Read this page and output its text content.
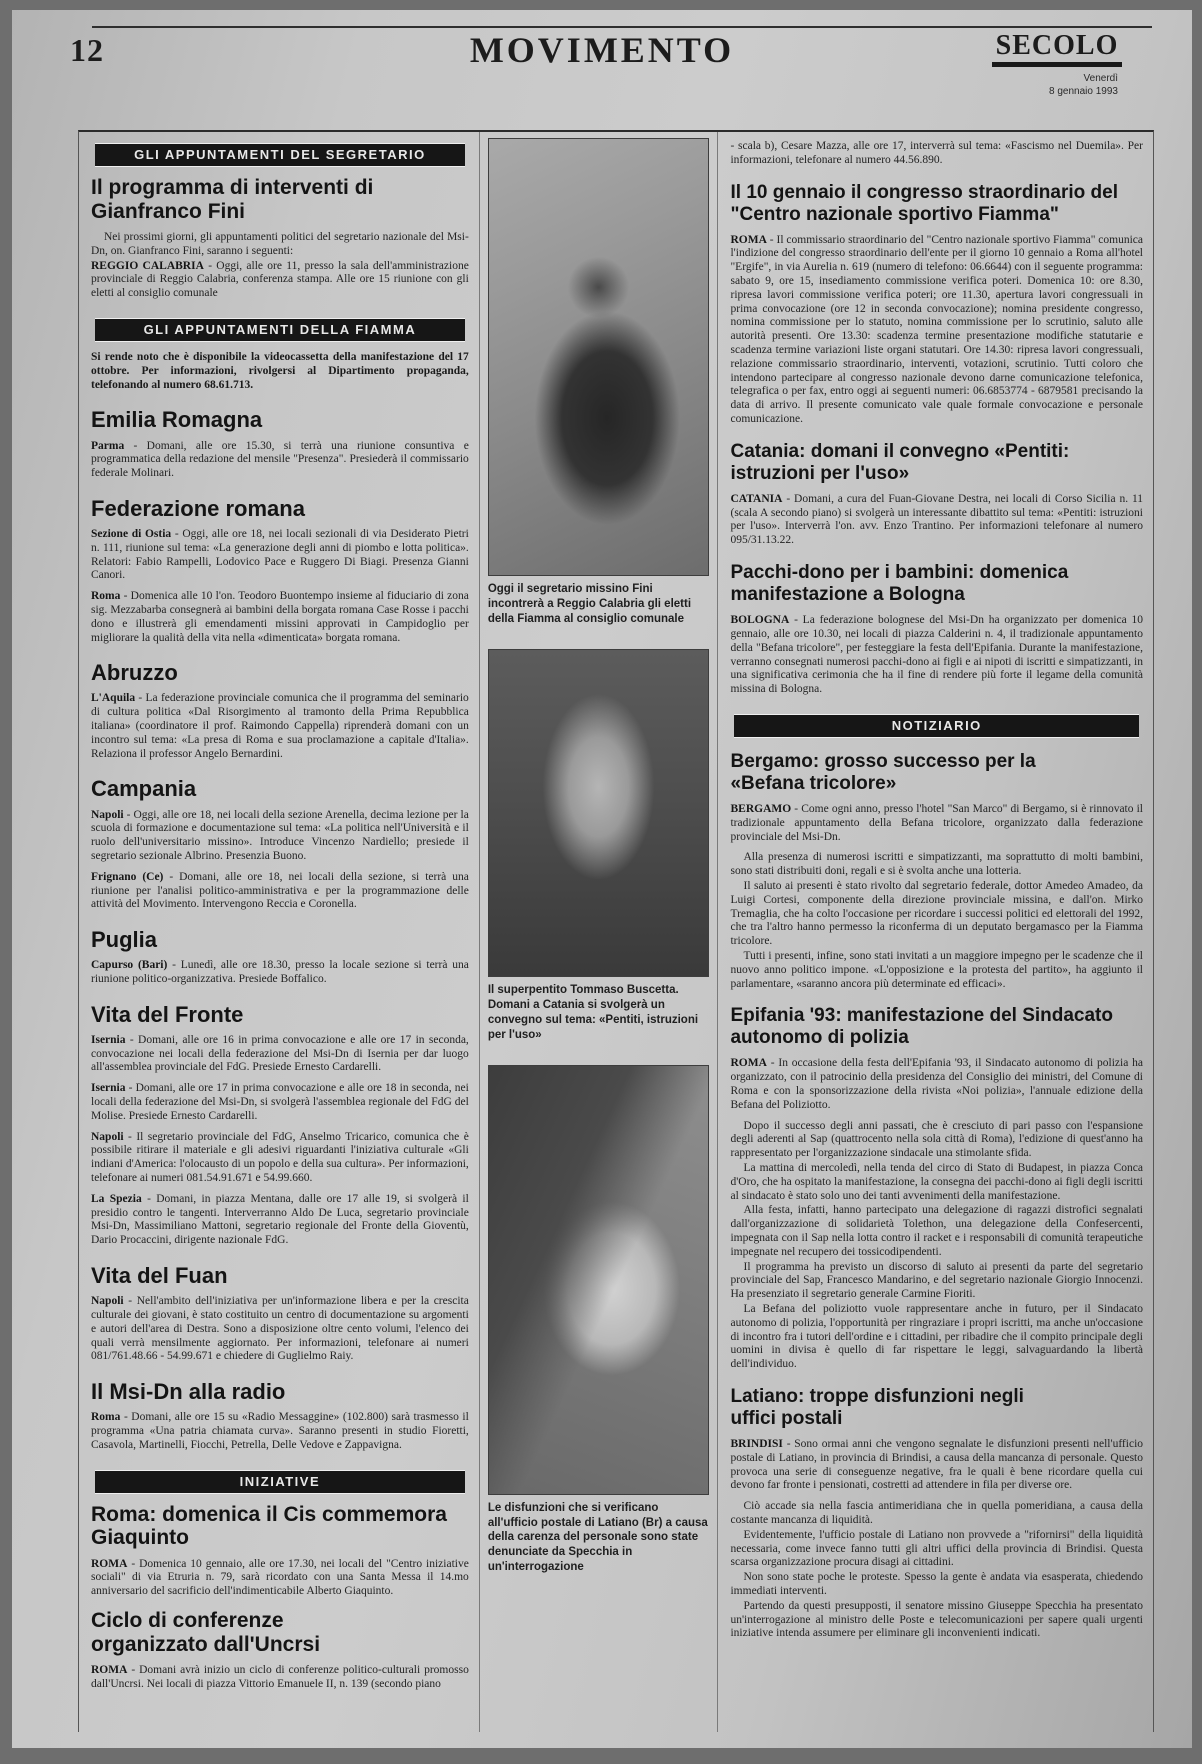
12	MOVIMENTO	SECOLO
Venerdì
8 gennaio 1993
GLI APPUNTAMENTI DEL SEGRETARIO
Il programma di interventi di Gianfranco Fini

Nei prossimi giorni, gli appuntamenti politici del segretario nazionale del Msi-Dn, on. Gianfranco Fini, saranno i seguenti:

REGGIO CALABRIA - Oggi, alle ore 11, presso la sala dell'amministrazione provinciale di Reggio Calabria, conferenza stampa. Alle ore 15 riunione con gli eletti al consiglio comunale

GLI APPUNTAMENTI DELLA FIAMMA

Si rende noto che è disponibile la videocassetta della manifestazione del 17 ottobre. Per informazioni, rivolgersi al Dipartimento propaganda, telefonando al numero 68.61.713.

Emilia Romagna

Parma - Domani, alle ore 15.30, si terrà una riunione consuntiva e programmatica della redazione del mensile "Presenza". Presiederà il commissario federale Molinari.

Federazione romana

Sezione di Ostia - Oggi, alle ore 18, nei locali sezionali di via Desiderato Pietri n. 111, riunione sul tema: «La generazione degli anni di piombo e lotta politica». Relatori: Fabio Rampelli, Lodovico Pace e Ruggero Di Biagi. Presenza Gianni Canori.

Roma - Domenica alle 10 l'on. Teodoro Buontempo insieme al fiduciario di zona sig. Mezzabarba consegnerà ai bambini della borgata romana Case Rosse i pacchi dono e illustrerà gli emendamenti missini approvati in Campidoglio per migliorare la qualità della vita nella «dimenticata» borgata romana.

Abruzzo

L'Aquila - La federazione provinciale comunica che il programma del seminario di cultura politica «Dal Risorgimento al tramonto della Prima Repubblica italiana» (coordinatore il prof. Raimondo Cappella) riprenderà domani con un incontro sul tema: «La presa di Roma e sua proclamazione a capitale d'Italia». Relaziona il professor Angelo Bernardini.

Campania

Napoli - Oggi, alle ore 18, nei locali della sezione Arenella, decima lezione per la scuola di formazione e documentazione sul tema: «La politica nell'Università e il ruolo dell'universitario missino». Introduce Vincenzo Nardiello; presiede il segretario sezionale Albrino. Presenzia Buono.

Frignano (Ce) - Domani, alle ore 18, nei locali della sezione, si terrà una riunione per l'analisi politico-amministrativa e per la programmazione delle attività del Movimento. Intervengono Reccia e Coronella.

Puglia

Capurso (Bari) - Lunedì, alle ore 18.30, presso la locale sezione si terrà una riunione politico-organizzativa. Presiede Boffalico.

Vita del Fronte

Isernia - Domani, alle ore 16 in prima convocazione e alle ore 17 in seconda, convocazione nei locali della federazione del Msi-Dn di Isernia per dar luogo all'assemblea provinciale del FdG. Presiede Ernesto Cardarelli.

Isernia - Domani, alle ore 17 in prima convocazione e alle ore 18 in seconda, nei locali della federazione del Msi-Dn, si svolgerà l'assemblea regionale del FdG del Molise. Presiede Ernesto Cardarelli.

Napoli - Il segretario provinciale del FdG, Anselmo Tricarico, comunica che è possibile ritirare il materiale e gli adesivi riguardanti l'iniziativa culturale «Gli indiani d'America: l'olocausto di un popolo e della sua cultura». Per informazioni, telefonare ai numeri 081.54.91.671 e 54.99.660.

La Spezia - Domani, in piazza Mentana, dalle ore 17 alle 19, si svolgerà il presidio contro le tangenti. Interverranno Aldo De Luca, segretario provinciale Msi-Dn, Massimiliano Mattoni, segretario regionale del Fronte della Gioventù, Dario Procaccini, dirigente nazionale FdG.

Vita del Fuan

Napoli - Nell'ambito dell'iniziativa per un'informazione libera e per la crescita culturale dei giovani, è stato costituito un centro di documentazione su argomenti e autori dell'area di Destra. Sono a disposizione oltre cento volumi, l'elenco dei quali verrà mensilmente aggiornato. Per informazioni, telefonare ai numeri 081/761.48.66 - 54.99.671 e chiedere di Guglielmo Raiy.

Il Msi-Dn alla radio

Roma - Domani, alle ore 15 su «Radio Messaggine» (102.800) sarà trasmesso il programma «Una patria chiamata curva». Saranno presenti in studio Fioretti, Casavola, Martinelli, Fiocchi, Petrella, Delle Vedove e Zappavigna.

INIZIATIVE
Roma: domenica il Cis commemora Giaquinto

ROMA - Domenica 10 gennaio, alle ore 17.30, nei locali del "Centro iniziative sociali" di via Etruria n. 79, sarà ricordato con una Santa Messa il 14.mo anniversario del sacrificio dell'indimenticabile Alberto Giaquinto.

Ciclo di conferenze organizzato dall'Uncrsi

ROMA - Domani avrà inizio un ciclo di conferenze politico-culturali promosso dall'Uncrsi. Nei locali di piazza Vittorio Emanuele II, n. 139 (secondo piano

Oggi il segretario missino Fini incontrerà a Reggio Calabria gli eletti della Fiamma al consiglio comunale
Il superpentito Tommaso Buscetta. Domani a Catania si svolgerà un convegno sul tema: «Pentiti, istruzioni per l'uso»
Le disfunzioni che si verificano all'ufficio postale di Latiano (Br) a causa della carenza del personale sono state denunciate da Specchia in un'interrogazione

- scala b), Cesare Mazza, alle ore 17, interverrà sul tema: «Fascismo nel Duemila». Per informazioni, telefonare al numero 44.56.890.

Il 10 gennaio il congresso straordinario del "Centro nazionale sportivo Fiamma"

ROMA - Il commissario straordinario del "Centro nazionale sportivo Fiamma" comunica l'indizione del congresso straordinario dell'ente per il giorno 10 gennaio a Roma all'hotel "Ergife", in via Aurelia n. 619 (numero di telefono: 06.6644) con il seguente programma: sabato 9, ore 15, insediamento commissione verifica poteri. Domenica 10: ore 8.30, ripresa lavori commissione verifica poteri; ore 11.30, apertura lavori congressuali in prima convocazione (ore 12 in seconda convocazione); nomina presidente congresso, nomina commissione per lo statuto, nomina commissione per lo scrutinio, saluto alle autorità presenti. Ore 13.30: scadenza termine presentazione modifiche statutarie e scadenza termine variazioni liste organi statutari. Ore 14.30: ripresa lavori congressuali, relazione commissario straordinario, interventi, votazioni, scrutinio. Tutti coloro che intendono partecipare al congresso nazionale devono darne comunicazione telefonica, telegrafica o per fax, entro oggi ai seguenti numeri: 06.6853774 - 6879581 precisando la data di arrivo. Il presente comunicato vale quale formale convocazione e personale comunicazione.

Catania: domani il convegno «Pentiti: istruzioni per l'uso»

CATANIA - Domani, a cura del Fuan-Giovane Destra, nei locali di Corso Sicilia n. 11 (scala A secondo piano) si svolgerà un interessante dibattito sul tema: «Pentiti: istruzioni per l'uso». Interverrà l'on. avv. Enzo Trantino. Per informazioni telefonare al numero 095/31.13.22.

Pacchi-dono per i bambini: domenica manifestazione a Bologna

BOLOGNA - La federazione bolognese del Msi-Dn ha organizzato per domenica 10 gennaio, alle ore 10.30, nei locali di piazza Calderini n. 4, il tradizionale appuntamento della "Befana tricolore", per festeggiare la festa dell'Epifania. Durante la manifestazione, verranno consegnati numerosi pacchi-dono ai figli e ai nipoti di iscritti e simpatizzanti, in una significativa cerimonia che ha il fine di rendere più forte il legame della comunità missina di Bologna.

NOTIZIARIO
Bergamo: grosso successo per la «Befana tricolore»

BERGAMO - Come ogni anno, presso l'hotel "San Marco" di Bergamo, si è rinnovato il tradizionale appuntamento della Befana tricolore, organizzato dalla federazione provinciale del Msi-Dn.

Alla presenza di numerosi iscritti e simpatizzanti, ma soprattutto di molti bambini, sono stati distribuiti doni, regali e si è svolta anche una lotteria.

Il saluto ai presenti è stato rivolto dal segretario federale, dottor Amedeo Amadeo, da Luigi Cortesi, componente della direzione provinciale missina, e dall'on. Mirko Tremaglia, che ha colto l'occasione per ricordare i successi politici ed elettorali del 1992, che tra l'altro hanno permesso la riconferma di un deputato bergamasco per la Fiamma tricolore.

Tutti i presenti, infine, sono stati invitati a un maggiore impegno per le scadenze che il nuovo anno politico impone. «L'opposizione e la protesta del partito», ha aggiunto il parlamentare, «saranno ancora più determinate ed efficaci».

Epifania '93: manifestazione del Sindacato autonomo di polizia

ROMA - In occasione della festa dell'Epifania '93, il Sindacato autonomo di polizia ha organizzato, con il patrocinio della presidenza del Consiglio dei ministri, del Comune di Roma e con la sponsorizzazione della rivista «Noi polizia», l'annuale edizione della Befana del Poliziotto.

Dopo il successo degli anni passati, che è cresciuto di pari passo con l'espansione degli aderenti al Sap (quattrocento nella sola città di Roma), l'edizione di quest'anno ha rappresentato per l'organizzazione sindacale una stimolante sfida.

La mattina di mercoledì, nella tenda del circo di Stato di Budapest, in piazza Conca d'Oro, che ha ospitato la manifestazione, la consegna dei pacchi-dono ai figli degli iscritti al sindacato è stato solo uno dei tanti avvenimenti della manifestazione.

Alla festa, infatti, hanno partecipato una delegazione di ragazzi distrofici segnalati dall'organizzazione di solidarietà Tolethon, una delegazione della Confesercenti, impegnata con il Sap nella lotta contro il racket e i responsabili di comunità terapeutiche impegnate nel recupero dei tossicodipendenti.

Il programma ha previsto un discorso di saluto ai presenti da parte del segretario provinciale del Sap, Francesco Mandarino, e del segretario nazionale Giorgio Innocenzi. Ha presenziato il segretario generale Carmine Fioriti.

La Befana del poliziotto vuole rappresentare anche in futuro, per il Sindacato autonomo di polizia, l'opportunità per ringraziare i propri iscritti, ma anche un'occasione di incontro fra i tutori dell'ordine e i cittadini, per ribadire che il compito principale degli uomini in divisa è quello di far rispettare le leggi, salvaguardando la libertà dell'individuo.

Latiano: troppe disfunzioni negli uffici postali

BRINDISI - Sono ormai anni che vengono segnalate le disfunzioni presenti nell'ufficio postale di Latiano, in provincia di Brindisi, a causa della mancanza di personale. Questo provoca una serie di conseguenze negative, fra le quali è bene ricordare quella cui devono far fronte i pensionati, costretti ad attendere in fila per diverse ore.

Ciò accade sia nella fascia antimeridiana che in quella pomeridiana, a causa della costante mancanza di liquidità.

Evidentemente, l'ufficio postale di Latiano non provvede a "rifornirsi" della liquidità necessaria, come invece fanno tutti gli altri uffici della provincia di Brindisi. Questa scarsa organizzazione procura disagi ai cittadini.

Non sono state poche le proteste. Spesso la gente è andata via esasperata, chiedendo immediati interventi.

Partendo da questi presupposti, il senatore missino Giuseppe Specchia ha presentato un'interrogazione al ministro delle Poste e telecomunicazioni per sapere quali urgenti iniziative intenda assumere per eliminare gli inconvenienti indicati.
